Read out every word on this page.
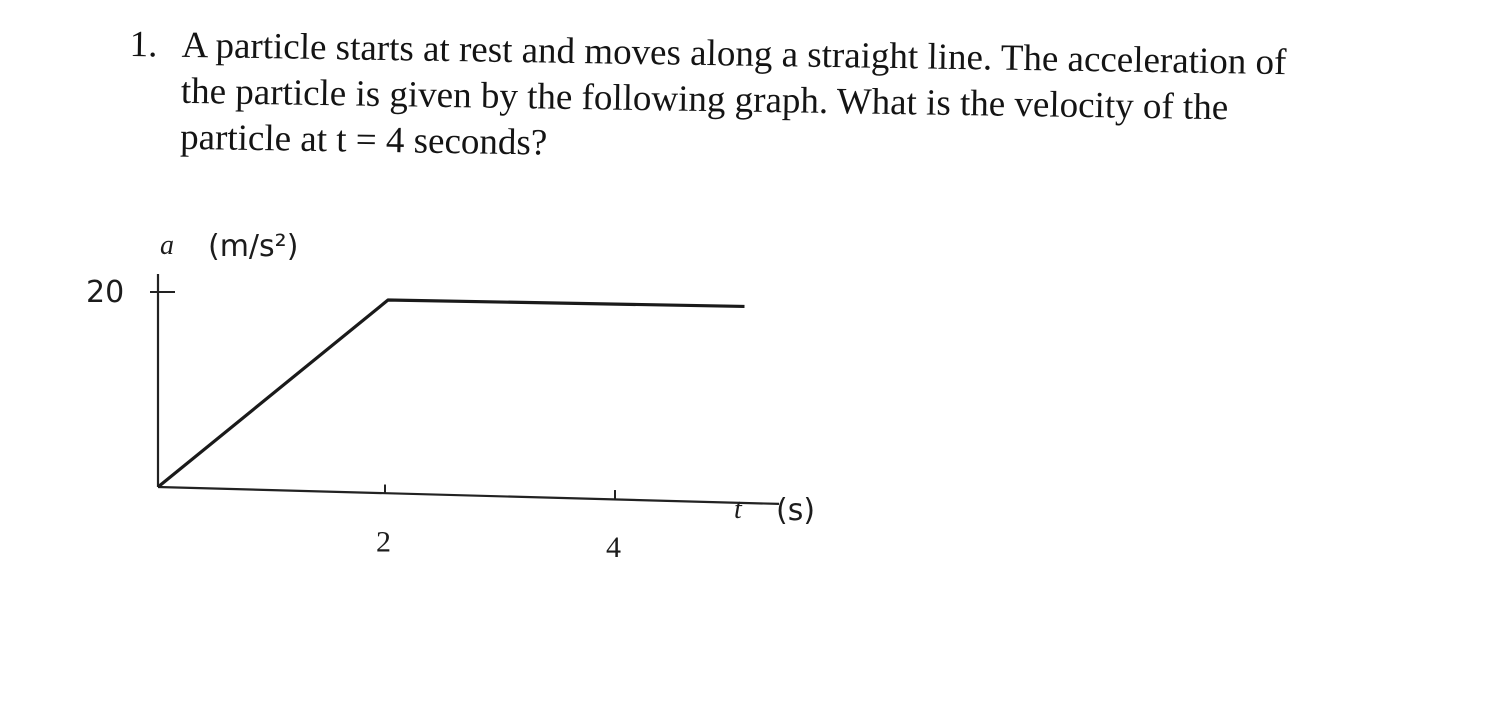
1. A particle starts at rest and moves along a straight line. The acceleration of
the particle is given by the following graph. What is the velocity of the
particle at t = 4 seconds?
20
2	4
a (m/s²)
t (s)
